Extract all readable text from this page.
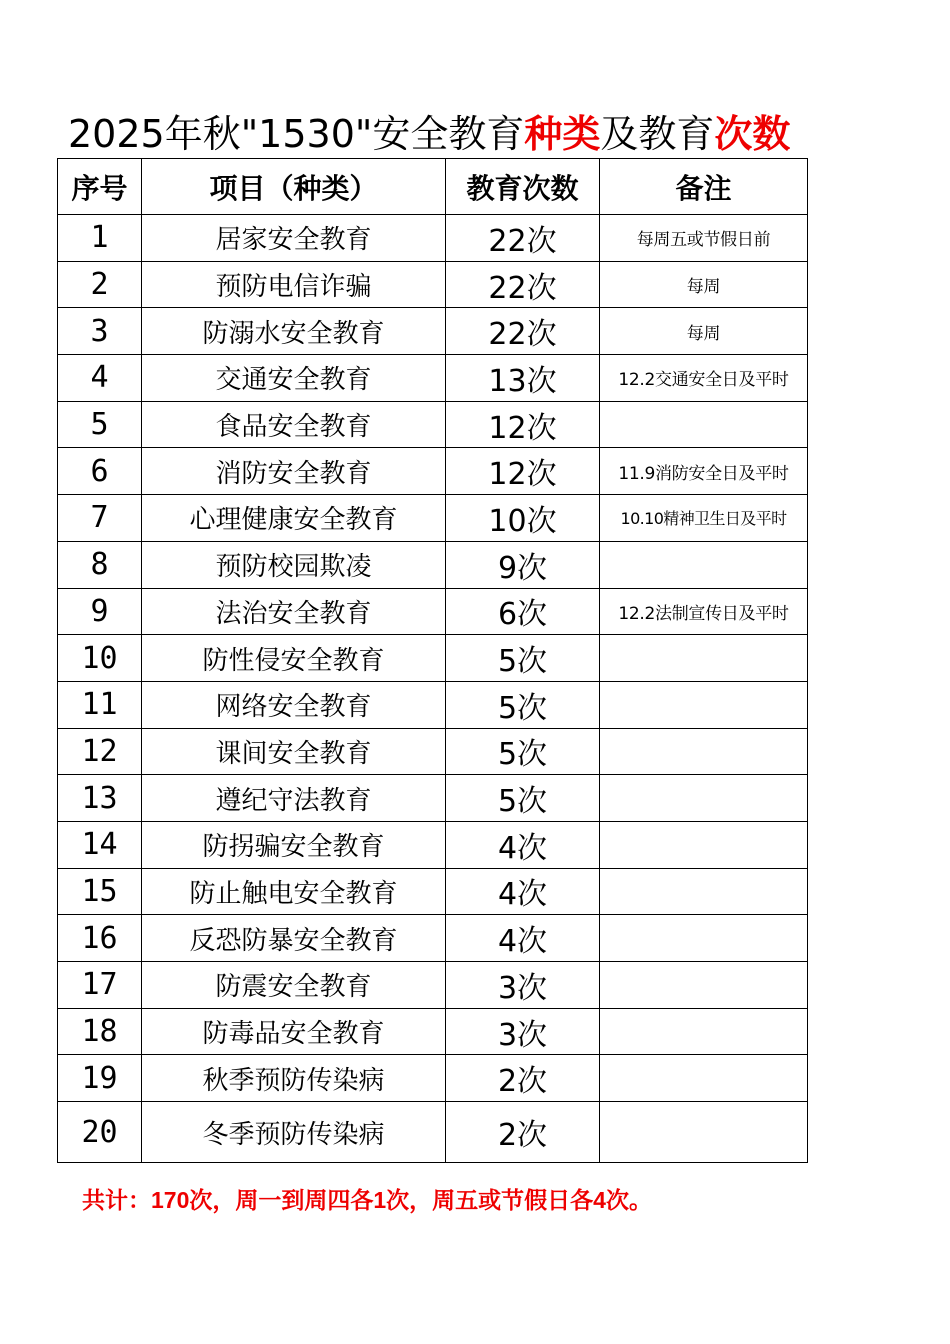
2025年秋"1530"安全教育种类及教育次数
序号	项目（种类）	教育次数	备注
1	居家安全教育	22次	每周五或节假日前
2	预防电信诈骗	22次	每周
3	防溺水安全教育	22次	每周
4	交通安全教育	13次	12.2交通安全日及平时
5	食品安全教育	12次	
6	消防安全教育	12次	11.9消防安全日及平时
7	心理健康安全教育	10次	10.10精神卫生日及平时
8	预防校园欺凌	9次	
9	法治安全教育	6次	12.2法制宣传日及平时
10	防性侵安全教育	5次	
11	网络安全教育	5次	
12	课间安全教育	5次	
13	遵纪守法教育	5次	
14	防拐骗安全教育	4次	
15	防止触电安全教育	4次	
16	反恐防暴安全教育	4次	
17	防震安全教育	3次	
18	防毒品安全教育	3次	
19	秋季预防传染病	2次	
20	冬季预防传染病	2次	
共计：170次，周一到周四各1次，周五或节假日各4次。
